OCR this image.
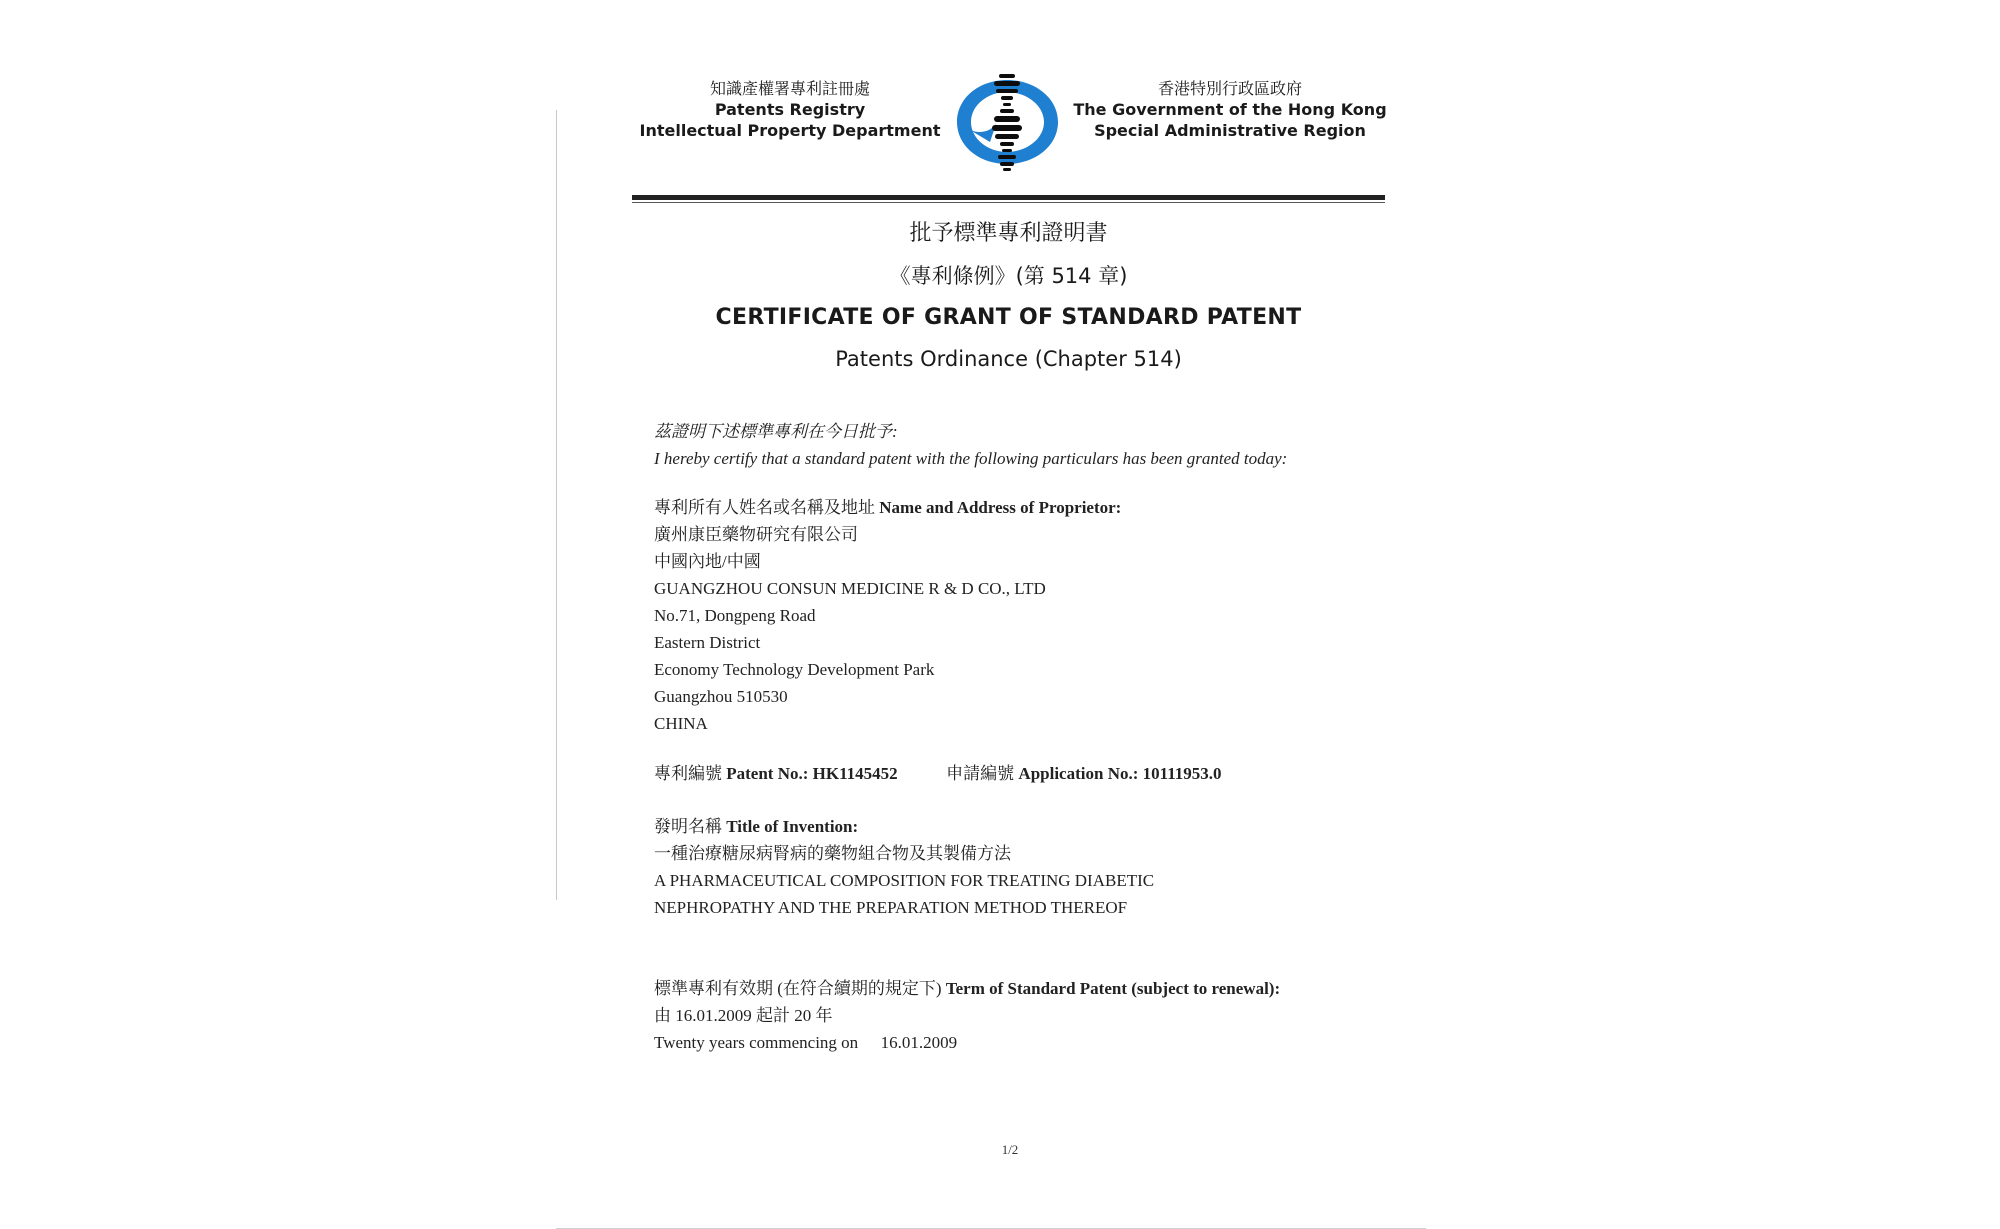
知識產權署專利註冊處
Patents Registry
Intellectual Property Department
香港特別行政區政府
The Government of the Hong Kong
Special Administrative Region
批予標準專利證明書
《專利條例》(第 514 章)
CERTIFICATE OF GRANT OF STANDARD PATENT
Patents Ordinance (Chapter 514)
茲證明下述標準專利在今日批予:
I hereby certify that a standard patent with the following particulars has been granted today:
專利所有人姓名或名稱及地址 Name and Address of Proprietor:
廣州康臣藥物研究有限公司
中國內地/中國
GUANGZHOU CONSUN MEDICINE R & D CO., LTD
No.71, Dongpeng Road
Eastern District
Economy Technology Development Park
Guangzhou 510530
CHINA
專利編號 Patent No.: HK1145452	申請編號 Application No.: 10111953.0
發明名稱 Title of Invention:
一種治療糖尿病腎病的藥物組合物及其製備方法
A PHARMACEUTICAL COMPOSITION FOR TREATING DIABETIC
NEPHROPATHY AND THE PREPARATION METHOD THEREOF
標準專利有效期 (在符合續期的規定下) Term of Standard Patent (subject to renewal):
由 16.01.2009 起計 20 年
Twenty years commencing on 16.01.2009
1/2
